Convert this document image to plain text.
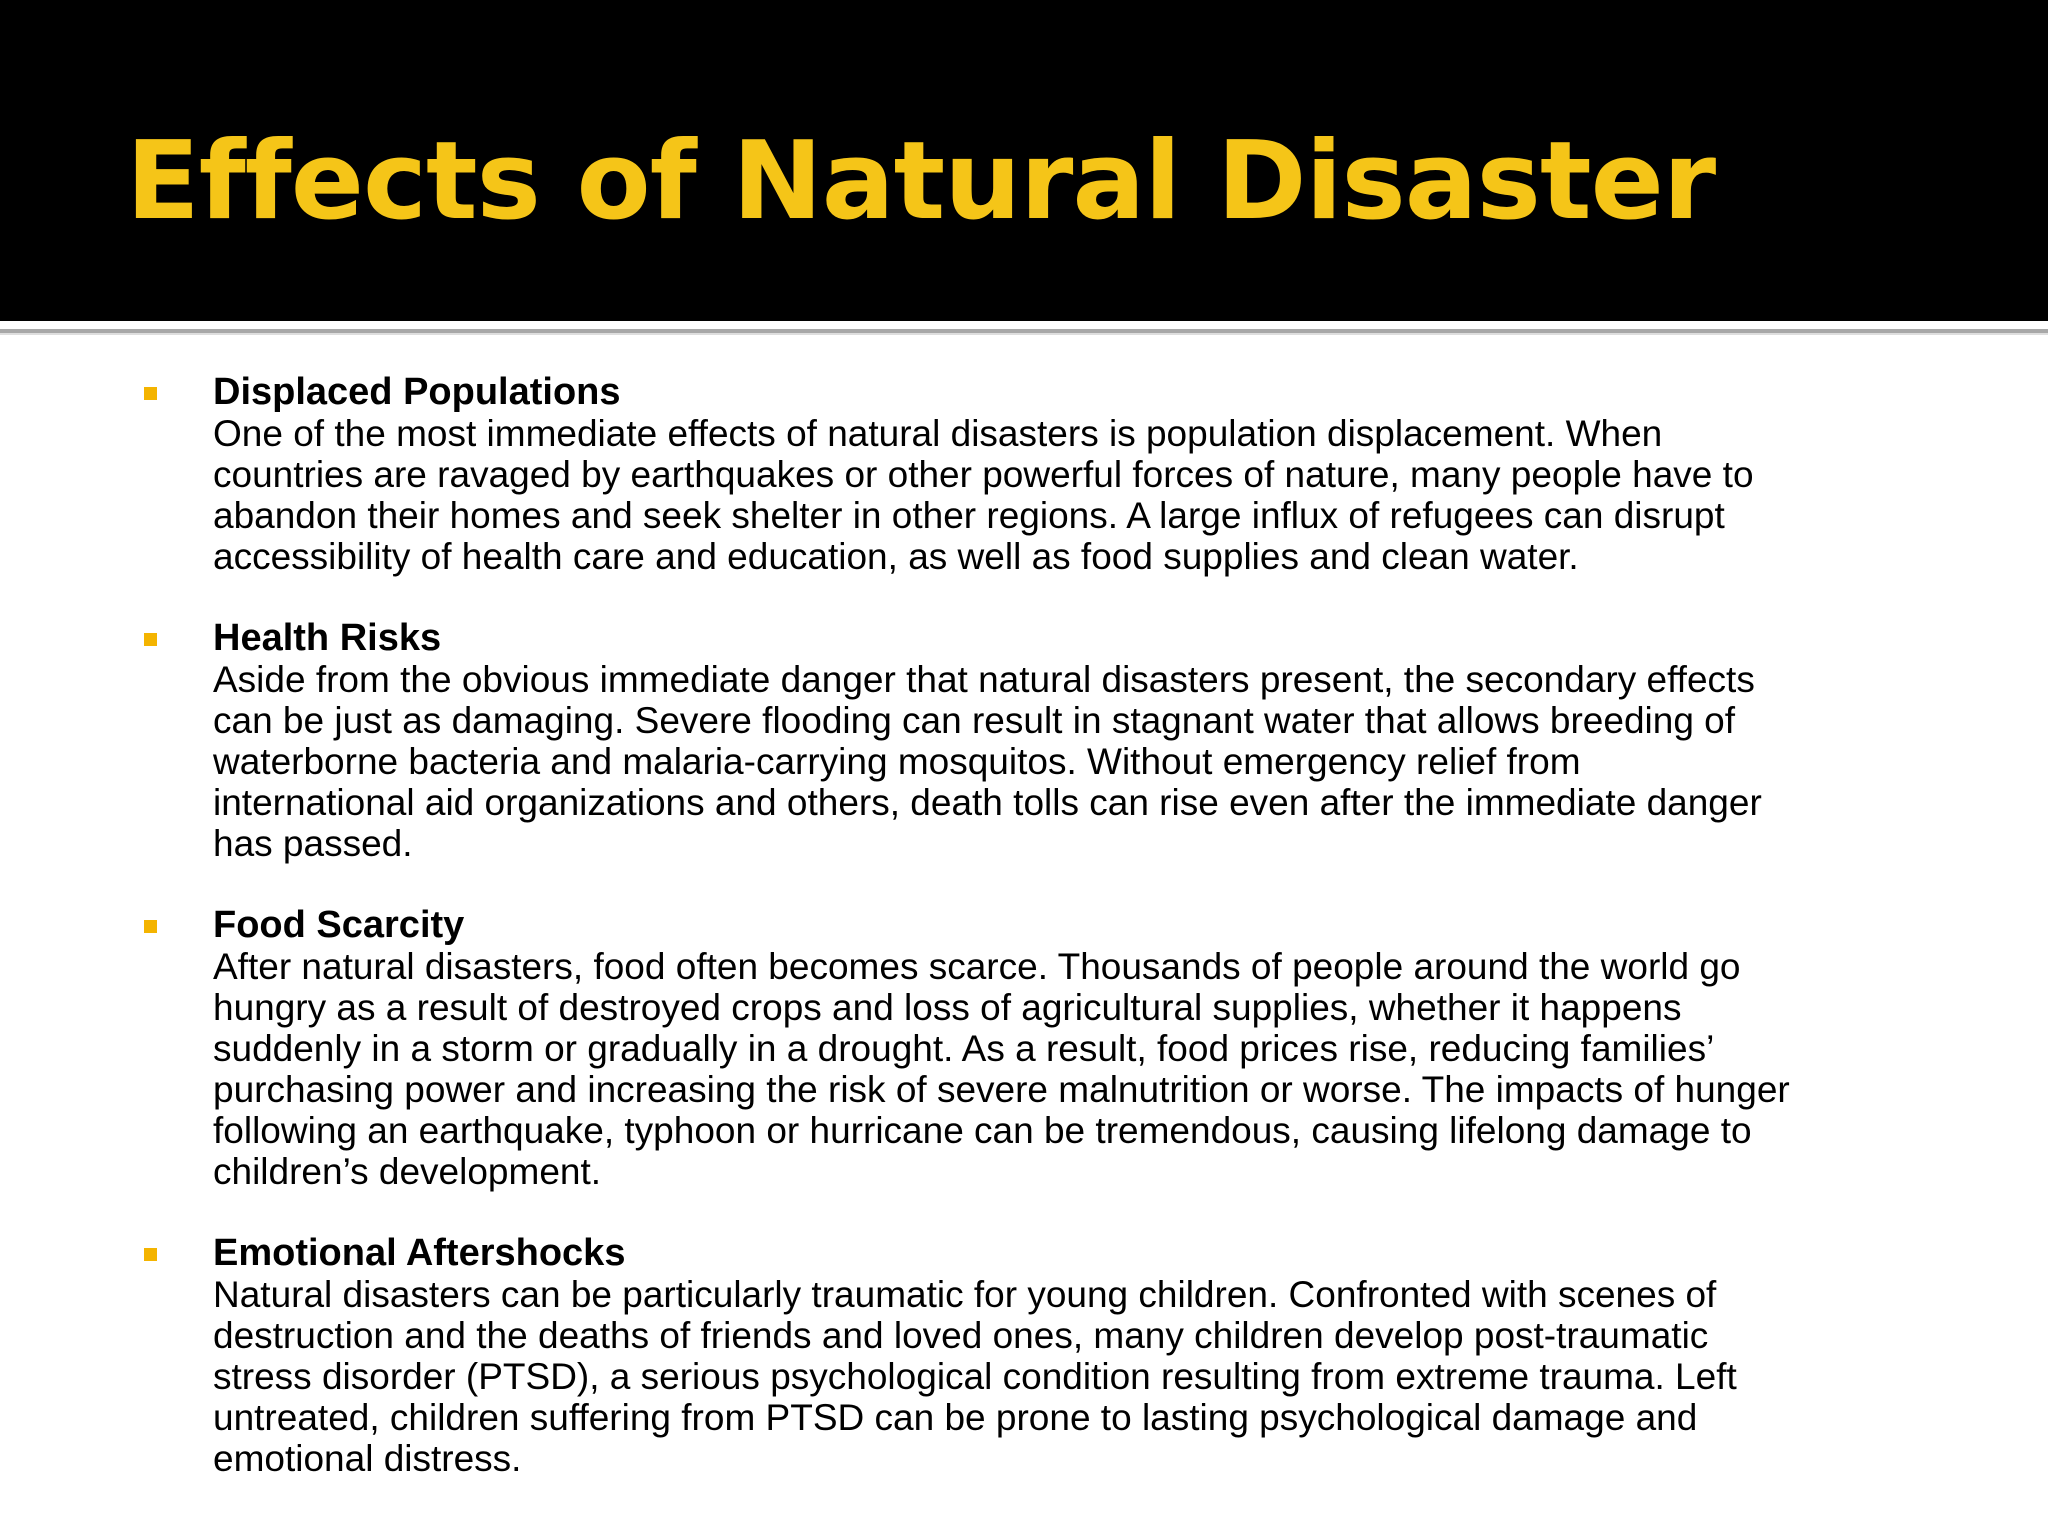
Effects of Natural Disaster
Displaced Populations
One of the most immediate effects of natural disasters is population displacement. When
countries are ravaged by earthquakes or other powerful forces of nature, many people have to
abandon their homes and seek shelter in other regions. A large influx of refugees can disrupt
accessibility of health care and education, as well as food supplies and clean water.
Health Risks
Aside from the obvious immediate danger that natural disasters present, the secondary effects
can be just as damaging. Severe flooding can result in stagnant water that allows breeding of
waterborne bacteria and malaria-carrying mosquitos. Without emergency relief from
international aid organizations and others, death tolls can rise even after the immediate danger
has passed.
Food Scarcity
After natural disasters, food often becomes scarce. Thousands of people around the world go
hungry as a result of destroyed crops and loss of agricultural supplies, whether it happens
suddenly in a storm or gradually in a drought. As a result, food prices rise, reducing families’
purchasing power and increasing the risk of severe malnutrition or worse. The impacts of hunger
following an earthquake, typhoon or hurricane can be tremendous, causing lifelong damage to
children’s development.
Emotional Aftershocks
Natural disasters can be particularly traumatic for young children. Confronted with scenes of
destruction and the deaths of friends and loved ones, many children develop post-traumatic
stress disorder (PTSD), a serious psychological condition resulting from extreme trauma. Left
untreated, children suffering from PTSD can be prone to lasting psychological damage and
emotional distress.
